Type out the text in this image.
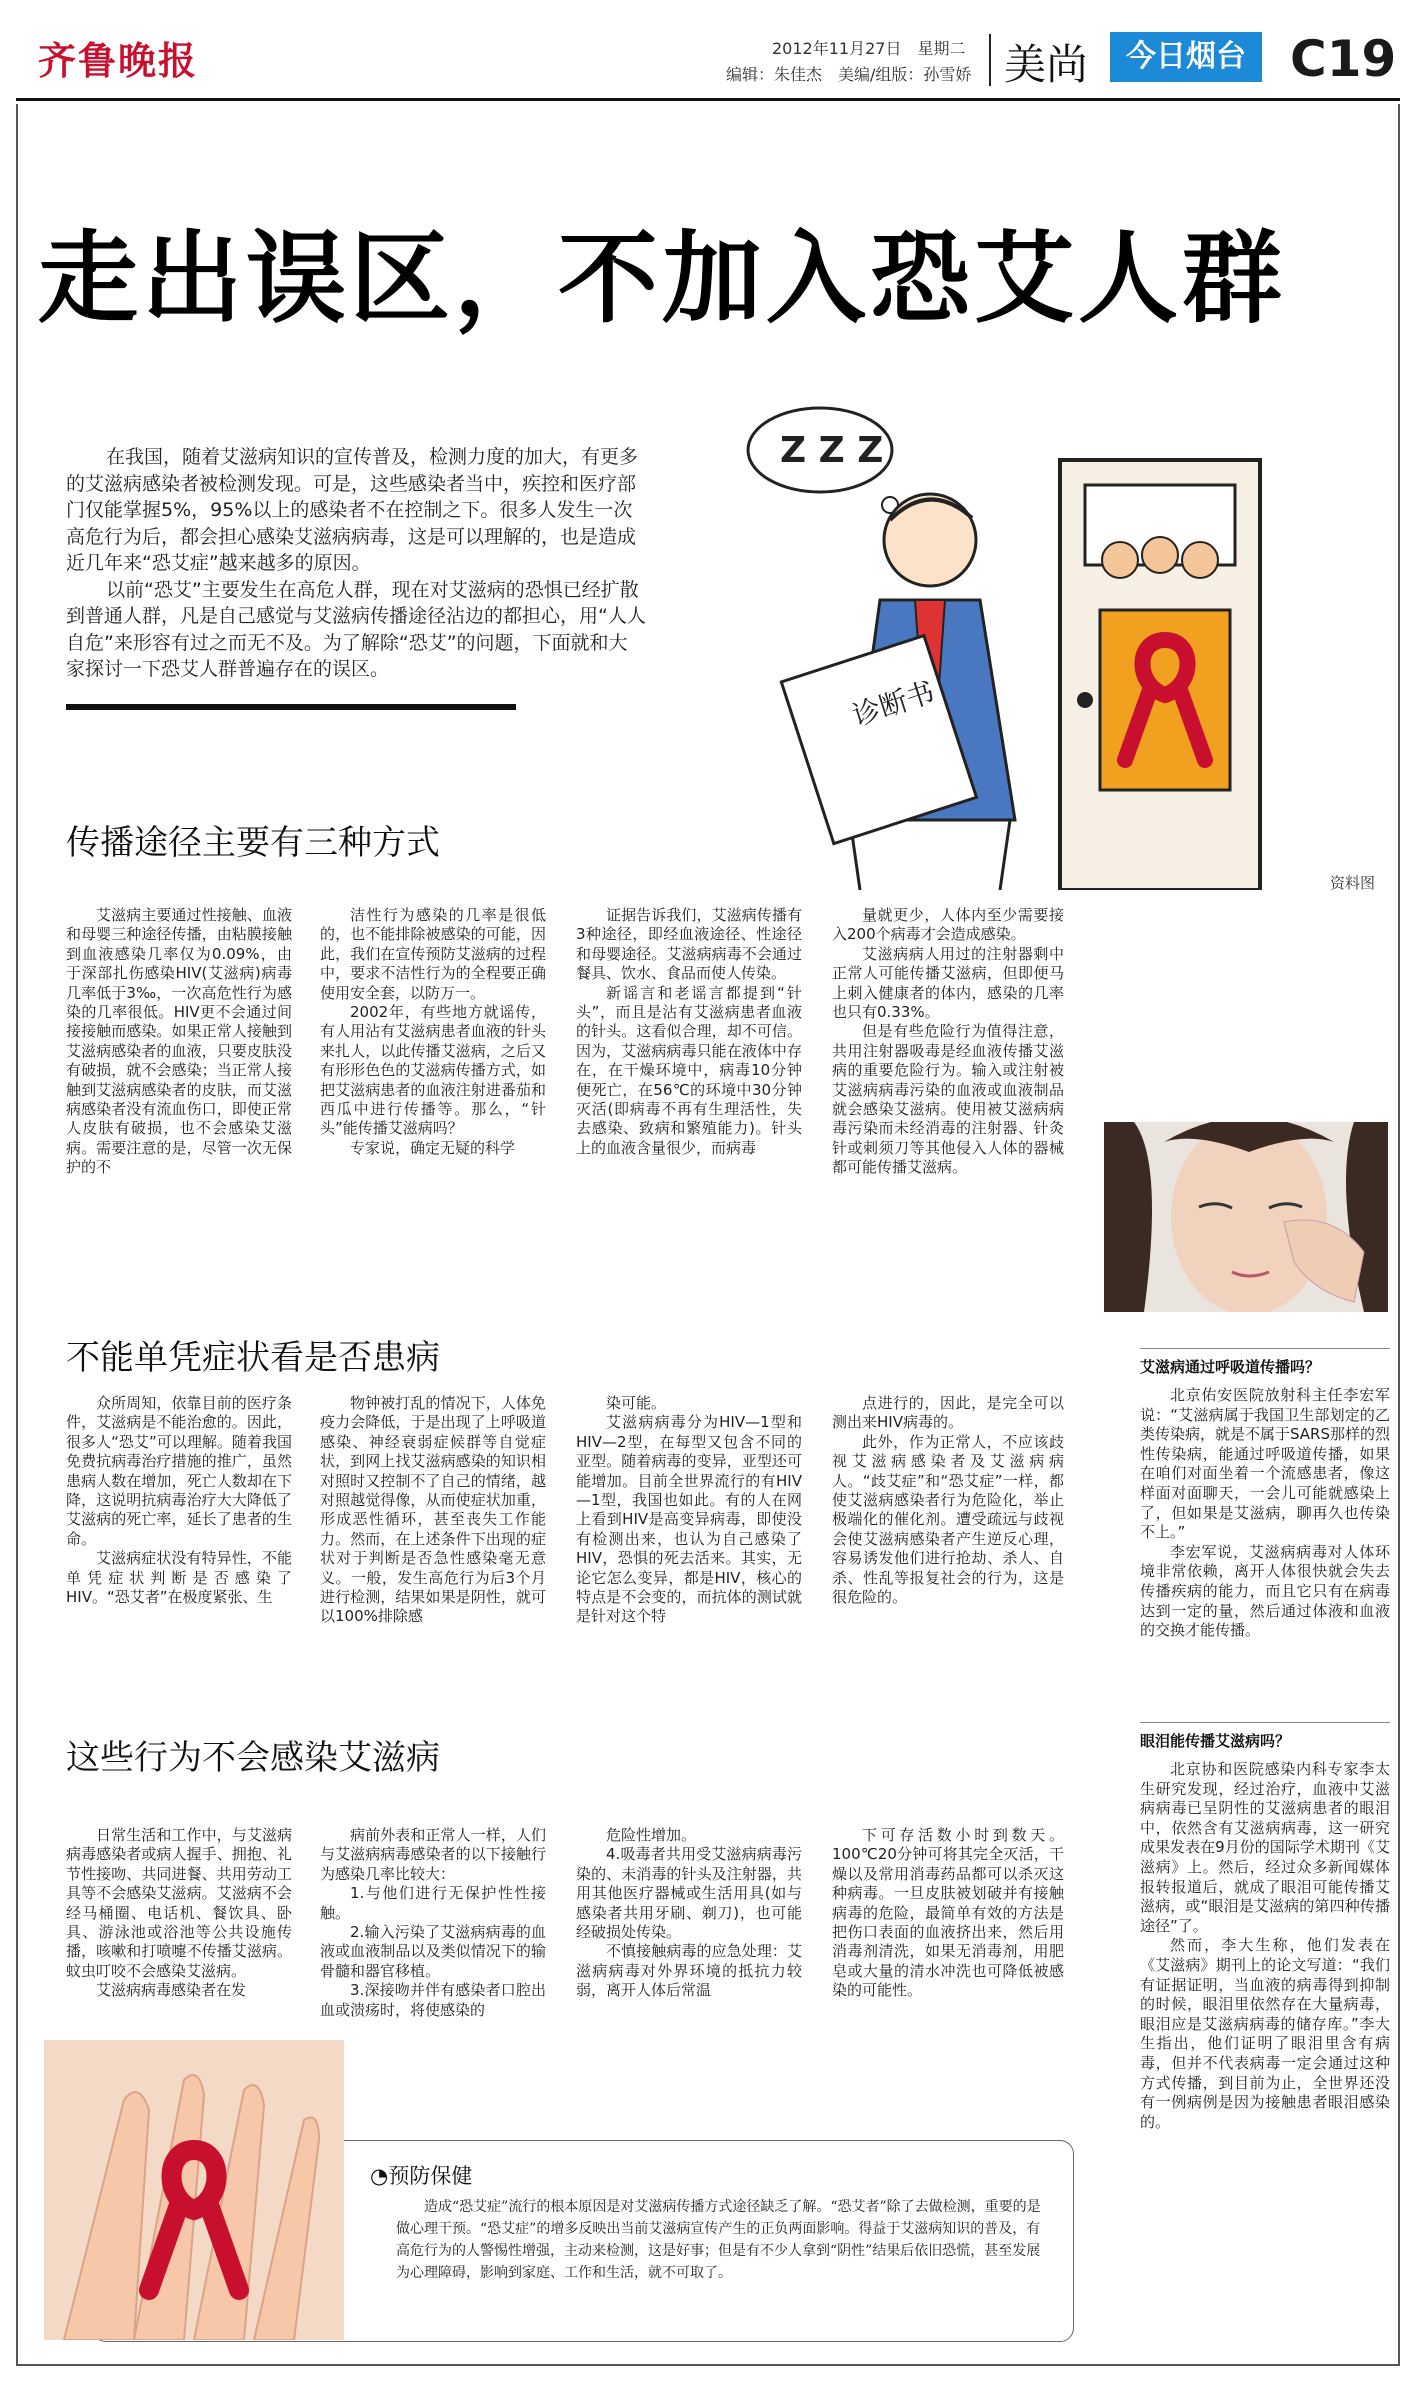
齐鲁晚报	2012年11月27日　星期二
编辑：朱佳杰　美编/组版：孙雪娇 美尚	今日烟台 C19
走出误区，不加入恐艾人群

在我国，随着艾滋病知识的宣传普及，检测力度的加大，有更多的艾滋病感染者被检测发现。可是，这些感染者当中，疾控和医疗部门仅能掌握5%，95%以上的感染者不在控制之下。很多人发生一次高危行为后，都会担心感染艾滋病病毒，这是可以理解的，也是造成近几年来“恐艾症”越来越多的原因。

以前“恐艾”主要发生在高危人群，现在对艾滋病的恐惧已经扩散到普通人群，凡是自己感觉与艾滋病传播途径沾边的都担心，用“人人自危”来形容有过之而无不及。为了解除“恐艾”的问题，下面就和大家探讨一下恐艾人群普遍存在的误区。

Z Z Z
诊断书
资料图
传播途径主要有三种方式

艾滋病主要通过性接触、血液和母婴三种途径传播，由粘膜接触到血液感染几率仅为0.09%，由于深部扎伤感染HIV(艾滋病)病毒几率低于3‰，一次高危性行为感染的几率很低。HIV更不会通过间接接触而感染。如果正常人接触到艾滋病感染者的血液，只要皮肤没有破损，就不会感染；当正常人接触到艾滋病感染者的皮肤，而艾滋病感染者没有流血伤口，即使正常人皮肤有破损，也不会感染艾滋病。需要注意的是，尽管一次无保护的不

洁性行为感染的几率是很低的，也不能排除被感染的可能，因此，我们在宣传预防艾滋病的过程中，要求不洁性行为的全程要正确使用安全套，以防万一。

2002年，有些地方就谣传，有人用沾有艾滋病患者血液的针头来扎人，以此传播艾滋病，之后又有形形色色的艾滋病传播方式，如把艾滋病患者的血液注射进番茄和西瓜中进行传播等。那么，“针头”能传播艾滋病吗？

专家说，确定无疑的科学

证据告诉我们，艾滋病传播有3种途径，即经血液途径、性途径和母婴途径。艾滋病病毒不会通过餐具、饮水、食品而使人传染。

新谣言和老谣言都提到“针头”，而且是沾有艾滋病患者血液的针头。这看似合理，却不可信。因为，艾滋病病毒只能在液体中存在，在干燥环境中，病毒10分钟便死亡，在56℃的环境中30分钟灭活(即病毒不再有生理活性，失去感染、致病和繁殖能力)。针头上的血液含量很少，而病毒

量就更少，人体内至少需要接入200个病毒才会造成感染。

艾滋病病人用过的注射器剩中正常人可能传播艾滋病，但即便马上刺入健康者的体内，感染的几率也只有0.33%。

但是有些危险行为值得注意，共用注射器吸毒是经血液传播艾滋病的重要危险行为。输入或注射被艾滋病病毒污染的血液或血液制品就会感染艾滋病。使用被艾滋病病毒污染而未经消毒的注射器、针灸针或刺须刀等其他侵入人体的器械都可能传播艾滋病。

不能单凭症状看是否患病

众所周知，依靠目前的医疗条件，艾滋病是不能治愈的。因此，很多人“恐艾”可以理解。随着我国免费抗病毒治疗措施的推广，虽然患病人数在增加，死亡人数却在下降，这说明抗病毒治疗大大降低了艾滋病的死亡率，延长了患者的生命。

艾滋病症状没有特异性，不能单凭症状判断是否感染了HIV。“恐艾者”在极度紧张、生

物钟被打乱的情况下，人体免疫力会降低，于是出现了上呼吸道感染、神经衰弱症候群等自觉症状，到网上找艾滋病感染的知识相对照时又控制不了自己的情绪，越对照越觉得像，从而使症状加重，形成恶性循环，甚至丧失工作能力。然而，在上述条件下出现的症状对于判断是否急性感染毫无意义。一般，发生高危行为后3个月进行检测，结果如果是阴性，就可以100%排除感

染可能。

艾滋病病毒分为HIV—1型和HIV—2型，在每型又包含不同的亚型。随着病毒的变异，亚型还可能增加。目前全世界流行的有HIV—1型，我国也如此。有的人在网上看到HIV是高变异病毒，即使没有检测出来，也认为自己感染了HIV，恐惧的死去活来。其实，无论它怎么变异，都是HIV，核心的特点是不会变的，而抗体的测试就是针对这个特

点进行的，因此，是完全可以测出来HIV病毒的。

此外，作为正常人，不应该歧视艾滋病感染者及艾滋病病人。“歧艾症”和“恐艾症”一样，都使艾滋病感染者行为危险化，举止极端化的催化剂。遭受疏远与歧视会使艾滋病感染者产生逆反心理，容易诱发他们进行抢劫、杀人、自杀、性乱等报复社会的行为，这是很危险的。

这些行为不会感染艾滋病

日常生活和工作中，与艾滋病病毒感染者或病人握手、拥抱、礼节性接吻、共同进餐、共用劳动工具等不会感染艾滋病。艾滋病不会经马桶圈、电话机、餐饮具、卧具、游泳池或浴池等公共设施传播，咳嗽和打喷嚏不传播艾滋病。蚊虫叮咬不会感染艾滋病。

艾滋病病毒感染者在发

病前外表和正常人一样，人们与艾滋病病毒感染者的以下接触行为感染几率比较大：

1.与他们进行无保护性性接触。

2.输入污染了艾滋病病毒的血液或血液制品以及类似情况下的输骨髓和器官移植。

3.深接吻并伴有感染者口腔出血或溃疡时，将使感染的

危险性增加。

4.吸毒者共用受艾滋病病毒污染的、未消毒的针头及注射器，共用其他医疗器械或生活用具(如与感染者共用牙刷、剃刀)，也可能经破损处传染。

不慎接触病毒的应急处理：艾滋病病毒对外界环境的抵抗力较弱，离开人体后常温

下可存活数小时到数天。100℃20分钟可将其完全灭活，干燥以及常用消毒药品都可以杀灭这种病毒。一旦皮肤被划破并有接触病毒的危险，最简单有效的方法是把伤口表面的血液挤出来，然后用消毒剂清洗，如果无消毒剂，用肥皂或大量的清水冲洗也可降低被感染的可能性。

艾滋病通过呼吸道传播吗？

北京佑安医院放射科主任李宏军说：“艾滋病属于我国卫生部划定的乙类传染病，就是不属于SARS那样的烈性传染病，能通过呼吸道传播，如果在咱们对面坐着一个流感患者，像这样面对面聊天，一会儿可能就感染上了，但如果是艾滋病，聊再久也传染不上。”

李宏军说，艾滋病病毒对人体环境非常依赖，离开人体很快就会失去传播疾病的能力，而且它只有在病毒达到一定的量，然后通过体液和血液的交换才能传播。

眼泪能传播艾滋病吗？

北京协和医院感染内科专家李太生研究发现，经过治疗，血液中艾滋病病毒已呈阴性的艾滋病患者的眼泪中，依然含有艾滋病病毒，这一研究成果发表在9月份的国际学术期刊《艾滋病》上。然后，经过众多新闻媒体报转报道后，就成了眼泪可能传播艾滋病，或“眼泪是艾滋病的第四种传播途径”了。

然而，李大生称，他们发表在《艾滋病》期刊上的论文写道：“我们有证据证明，当血液的病毒得到抑制的时候，眼泪里依然存在大量病毒，眼泪应是艾滋病病毒的储存库。”李大生指出，他们证明了眼泪里含有病毒，但并不代表病毒一定会通过这种方式传播，到目前为止，全世界还没有一例病例是因为接触患者眼泪感染的。

◔预防保健
造成“恐艾症”流行的根本原因是对艾滋病传播方式途径缺乏了解。“恐艾者”除了去做检测，重要的是做心理干预。“恐艾症”的增多反映出当前艾滋病宣传产生的正负两面影响。得益于艾滋病知识的普及，有高危行为的人警惕性增强，主动来检测，这是好事；但是有不少人拿到“阴性”结果后依旧恐慌，甚至发展为心理障碍，影响到家庭、工作和生活，就不可取了。
